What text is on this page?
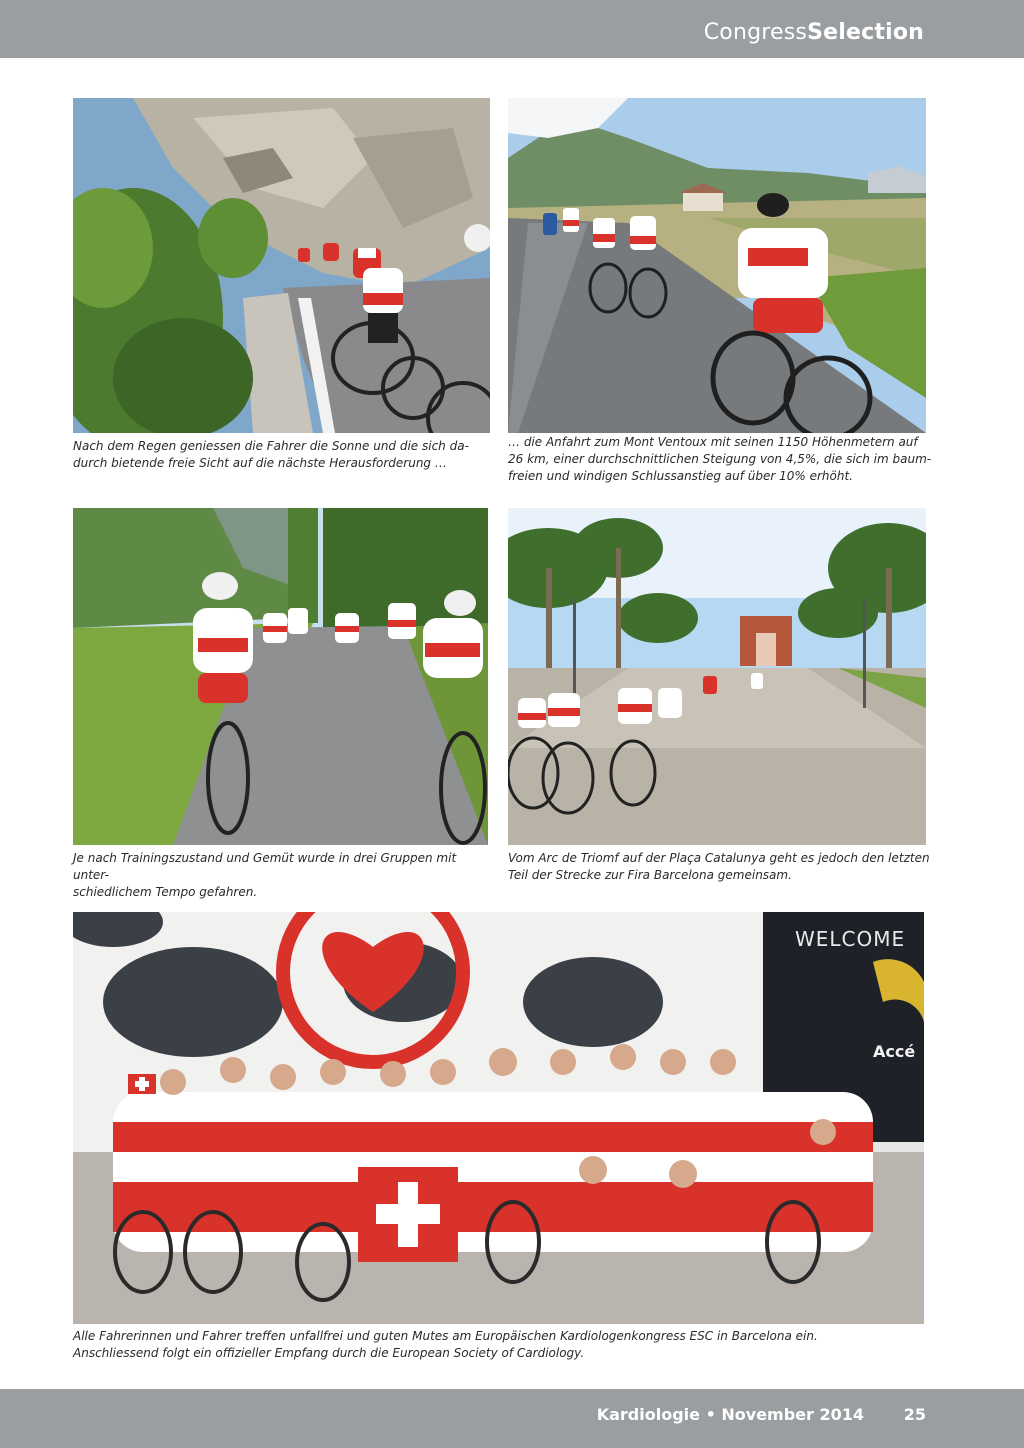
CongressSelection
Nach dem Regen geniessen die Fahrer die Sonne und die sich da-
durch bietende freie Sicht auf die nächste Herausforderung …
… die Anfahrt zum Mont Ventoux mit seinen 1150 Höhenmetern auf
26 km, einer durchschnittlichen Steigung von 4,5%, die sich im baum-
freien und windigen Schlussanstieg auf über 10% erhöht.
Je nach Trainingszustand und Gemüt wurde in drei Gruppen mit unter-
schiedlichem Tempo gefahren.
Vom Arc de Triomf auf der Plaça Catalunya geht es jedoch den letzten
Teil der Strecke zur Fira Barcelona gemeinsam.
WELCOME
Accé
Alle Fahrerinnen und Fahrer treffen unfallfrei und guten Mutes am Europäischen Kardiologenkongress ESC in Barcelona ein.
Anschliessend folgt ein offizieller Empfang durch die European Society of Cardiology.
Kardiologie • November 2014 25
